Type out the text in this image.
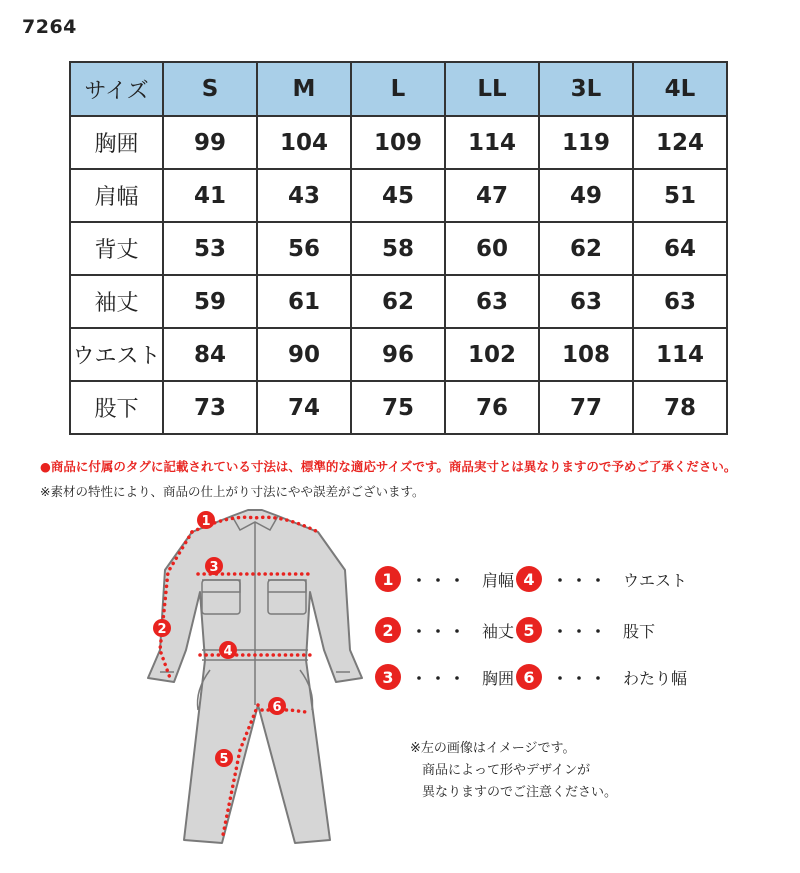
7264
サイズ	S	M	L	LL	3L	4L
胸囲	99	104	109	114	119	124
肩幅	41	43	45	47	49	51
背丈	53	56	58	60	62	64
袖丈	59	61	62	63	63	63
ウエスト	84	90	96	102	108	114
股下	73	74	75	76	77	78
●商品に付属のタグに記載されている寸法は、標準的な適応サイズです。商品実寸とは異なりますので予めご了承ください。
※素材の特性により、商品の仕上がり寸法にやや誤差がございます。
1
2
3
4
5
6
1	・・・ 肩幅
2	・・・ 袖丈
3	・・・ 胸囲
4	・・・ ウエスト
5	・・・ 股下
6	・・・ わたり幅
※左の画像はイメージです。
商品によって形やデザインが
異なりますのでご注意ください。
